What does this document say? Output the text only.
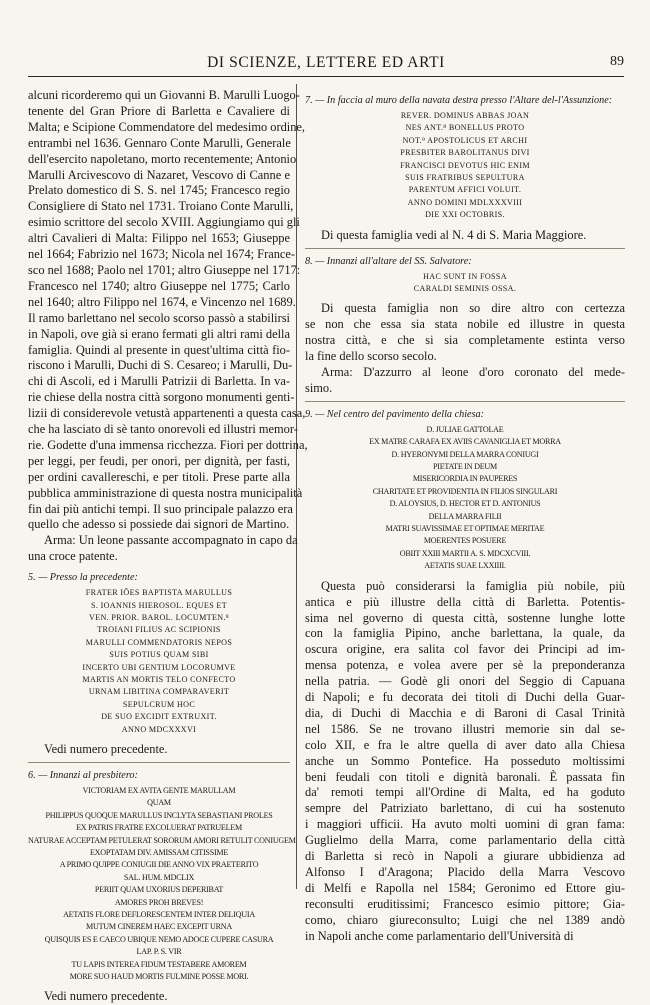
DI SCIENZE, LETTERE ED ARTI	89
alcuni ricorderemo qui un Giovanni B. Marulli Luogo-
tenente del Gran Priore di Barletta e Cavaliere di
Malta; e Scipione Commendatore del medesimo ordine,
entrambi nel 1636. Gennaro Conte Marulli, Generale
dell'esercito napoletano, morto recentemente; Antonio
Marulli Arcivescovo di Nazaret, Vescovo di Canne e
Prelato domestico di S. S. nel 1745; Francesco regio
Consigliere di Stato nel 1731. Troiano Conte Marulli,
esimio scrittore del secolo XVIII. Aggiungiamo qui gli
altri Cavalieri di Malta: Filippo nel 1653; Giuseppe
nel 1664; Fabrizio nel 1673; Nicola nel 1674; France-
sco nel 1688; Paolo nel 1701; altro Giuseppe nel 1717:
Francesco nel 1740; altro Giuseppe nel 1775; Carlo
nel 1640; altro Filippo nel 1674, e Vincenzo nel 1689.
Il ramo barlettano nel secolo scorso passò a stabilirsi
in Napoli, ove già si erano fermati gli altri rami della
famiglia. Quindi al presente in quest'ultima città fio-
riscono i Marulli, Duchi di S. Cesareo; i Marulli, Du-
chi di Ascoli, ed i Marulli Patrizii di Barletta. In va-
rie chiese della nostra città sorgono monumenti genti-
lizii di considerevole vetustà appartenenti a questa casa,
che ha lasciato di sè tanto onorevoli ed illustri memor-
rie. Godette d'una immensa ricchezza. Fiori per dottrina,
per leggi, per feudi, per onori, per dignità, per fasti,
per ordini cavallereschi, e per titoli. Prese parte alla
pubblica amministrazione di questa nostra municipalità
fin dai più antichi tempi. Il suo principale palazzo era
quello che adesso si possiede dai signori de Martino.
Arma: Un leone passante accompagnato in capo da
una croce patente.
5. — Presso la precedente:
FRATER IÕES BAPTISTA MARULLUS
S. IOANNIS HIEROSOL. EQUES ET
VEN. PRIOR. BAROL. LOCUMTEN.⁸
TROIANI FILIUS AC SCIPIONIS
MARULLI COMMENDATORIS NEPOS
SUIS POTIUS QUAM SIBI
INCERTO UBI GENTIUM LOCORUMVE
MARTIS AN MORTIS TELO CONFECTO
URNAM LIBITINA COMPARAVERIT
SEPULCRUM HOC
DE SUO EXCIDIT EXTRUXIT.
ANNO MDCXXXVI
Vedi numero precedente.
6. — Innanzi al presbitero:
VICTORIAM EX AVITA GENTE MARULLAM
QUAM
PHILIPPUS QUOQUE MARULLUS INCLYTA SEBASTIANI PROLES
EX PATRIS FRATRE EXCOLUERAT PATRUELEM
NATURAE ACCEPTAM PETULERAT SORORUM AMORI RETULIT CONIUGEM
EXOPTATAM DIV. AMISSAM CITISSIME
A PRIMO QUIPPE CONIUGII DIE ANNO VIX PRAETERITO
SAL. HUM. MDCLIX
PERIIT QUAM UXORIUS DEPERIBAT
AMORES PROH BREVES!
AETATIS FLORE DEFLORESCENTEM INTER DELIQUIA
MUTUM CINEREM HAEC EXCEPIT URNA
QUISQUIS ES E CAECO UBIQUE NEMO ADOCE CUPERE CASURA
LAP. P. S. VIR
TU LAPIS INTEREA FIDUM TESTABERE AMOREM
MORE SUO HAUD MORTIS FULMINE POSSE MORI.
Vedi numero precedente.
7. — In faccia al muro della navata destra presso l'Altare del-l'Assunzione:
REVER. DOMINUS ABBAS JOAN
NES ANT.⁸ BONELLUS PROTO
NOT.⁹ APOSTOLICUS ET ARCHI
PRESBITER BAROLITANUS DIVI
FRANCISCI DEVOTUS HIC ENIM
SUIS FRATRIBUS SEPULTURA
PARENTUM AFFICI VOLUIT.
ANNO DOMINI MDLXXXVIII
DIE XXI OCTOBRIS.
Di questa famiglia vedi al N. 4 di S. Maria Maggiore.
8. — Innanzi all'altare del SS. Salvatore:
HAC SUNT IN FOSSA
CARALDI SEMINIS OSSA.
Di questa famiglia non so dire altro con certezza
se non che essa sia stata nobile ed illustre in questa
nostra città, e che si sia completamente estinta verso
la fine dello scorso secolo.
Arma: D'azzurro al leone d'oro coronato del mede-
simo.
9. — Nel centro del pavimento della chiesa:
D. JULIAE GATTOLAE
EX MATRE CARAFA EX AVIIS CAVANIGLIA ET MORRA
D. HYERONYMI DELLA MARRA CONIUGI
PIETATE IN DEUM
MISERICORDIA IN PAUPERES
CHARITATE ET PROVIDENTIA IN FILIOS SINGULARI
D. ALOYSIUS, D. HECTOR ET D. ANTONIUS
DELLA MARRA FILII
MATRI SUAVISSIMAE ET OPTIMAE MERITAE
MOERENTES POSUERE
OBIIT XXIII MARTII A. S. MDCXCVIII.
AETATIS SUAE LXXIIII.
Questa può considerarsi la famiglia più nobile, più
antica e più illustre della città di Barletta. Potentis-
sima nel governo di questa città, sostenne lunghe lotte
con la famiglia Pipino, anche barlettana, la quale, da
oscura origine, era salita col favor dei Principi ad im-
mensa potenza, e volea avere per sè la preponderanza
nella patria. — Godè gli onori del Seggio di Capuana
di Napoli; e fu decorata dei titoli di Duchi della Guar-
dia, di Duchi di Macchia e di Baroni di Casal Trinità
nel 1586. Se ne trovano illustri memorie sin dal se-
colo XII, e fra le altre quella di aver dato alla Chiesa
anche un Sommo Pontefice. Ha posseduto moltissimi
beni feudali con titoli e dignità baronali. È passata fin
da' remoti tempi all'Ordine di Malta, ed ha goduto
sempre del Patriziato barlettano, di cui ha sostenuto
i maggiori ufficii. Ha avuto molti uomini di gran fama:
Guglielmo della Marra, come parlamentario della città
di Barletta si recò in Napoli a giurare ubbidienza ad
Alfonso I d'Aragona; Placido della Marra Vescovo
di Melfi e Rapolla nel 1584; Geronimo ed Ettore giu-
reconsulti eruditissimi; Francesco esimio pittore; Gia-
como, chiaro giureconsulto; Luigi che nel 1389 andò
in Napoli anche come parlamentario dell'Università di
